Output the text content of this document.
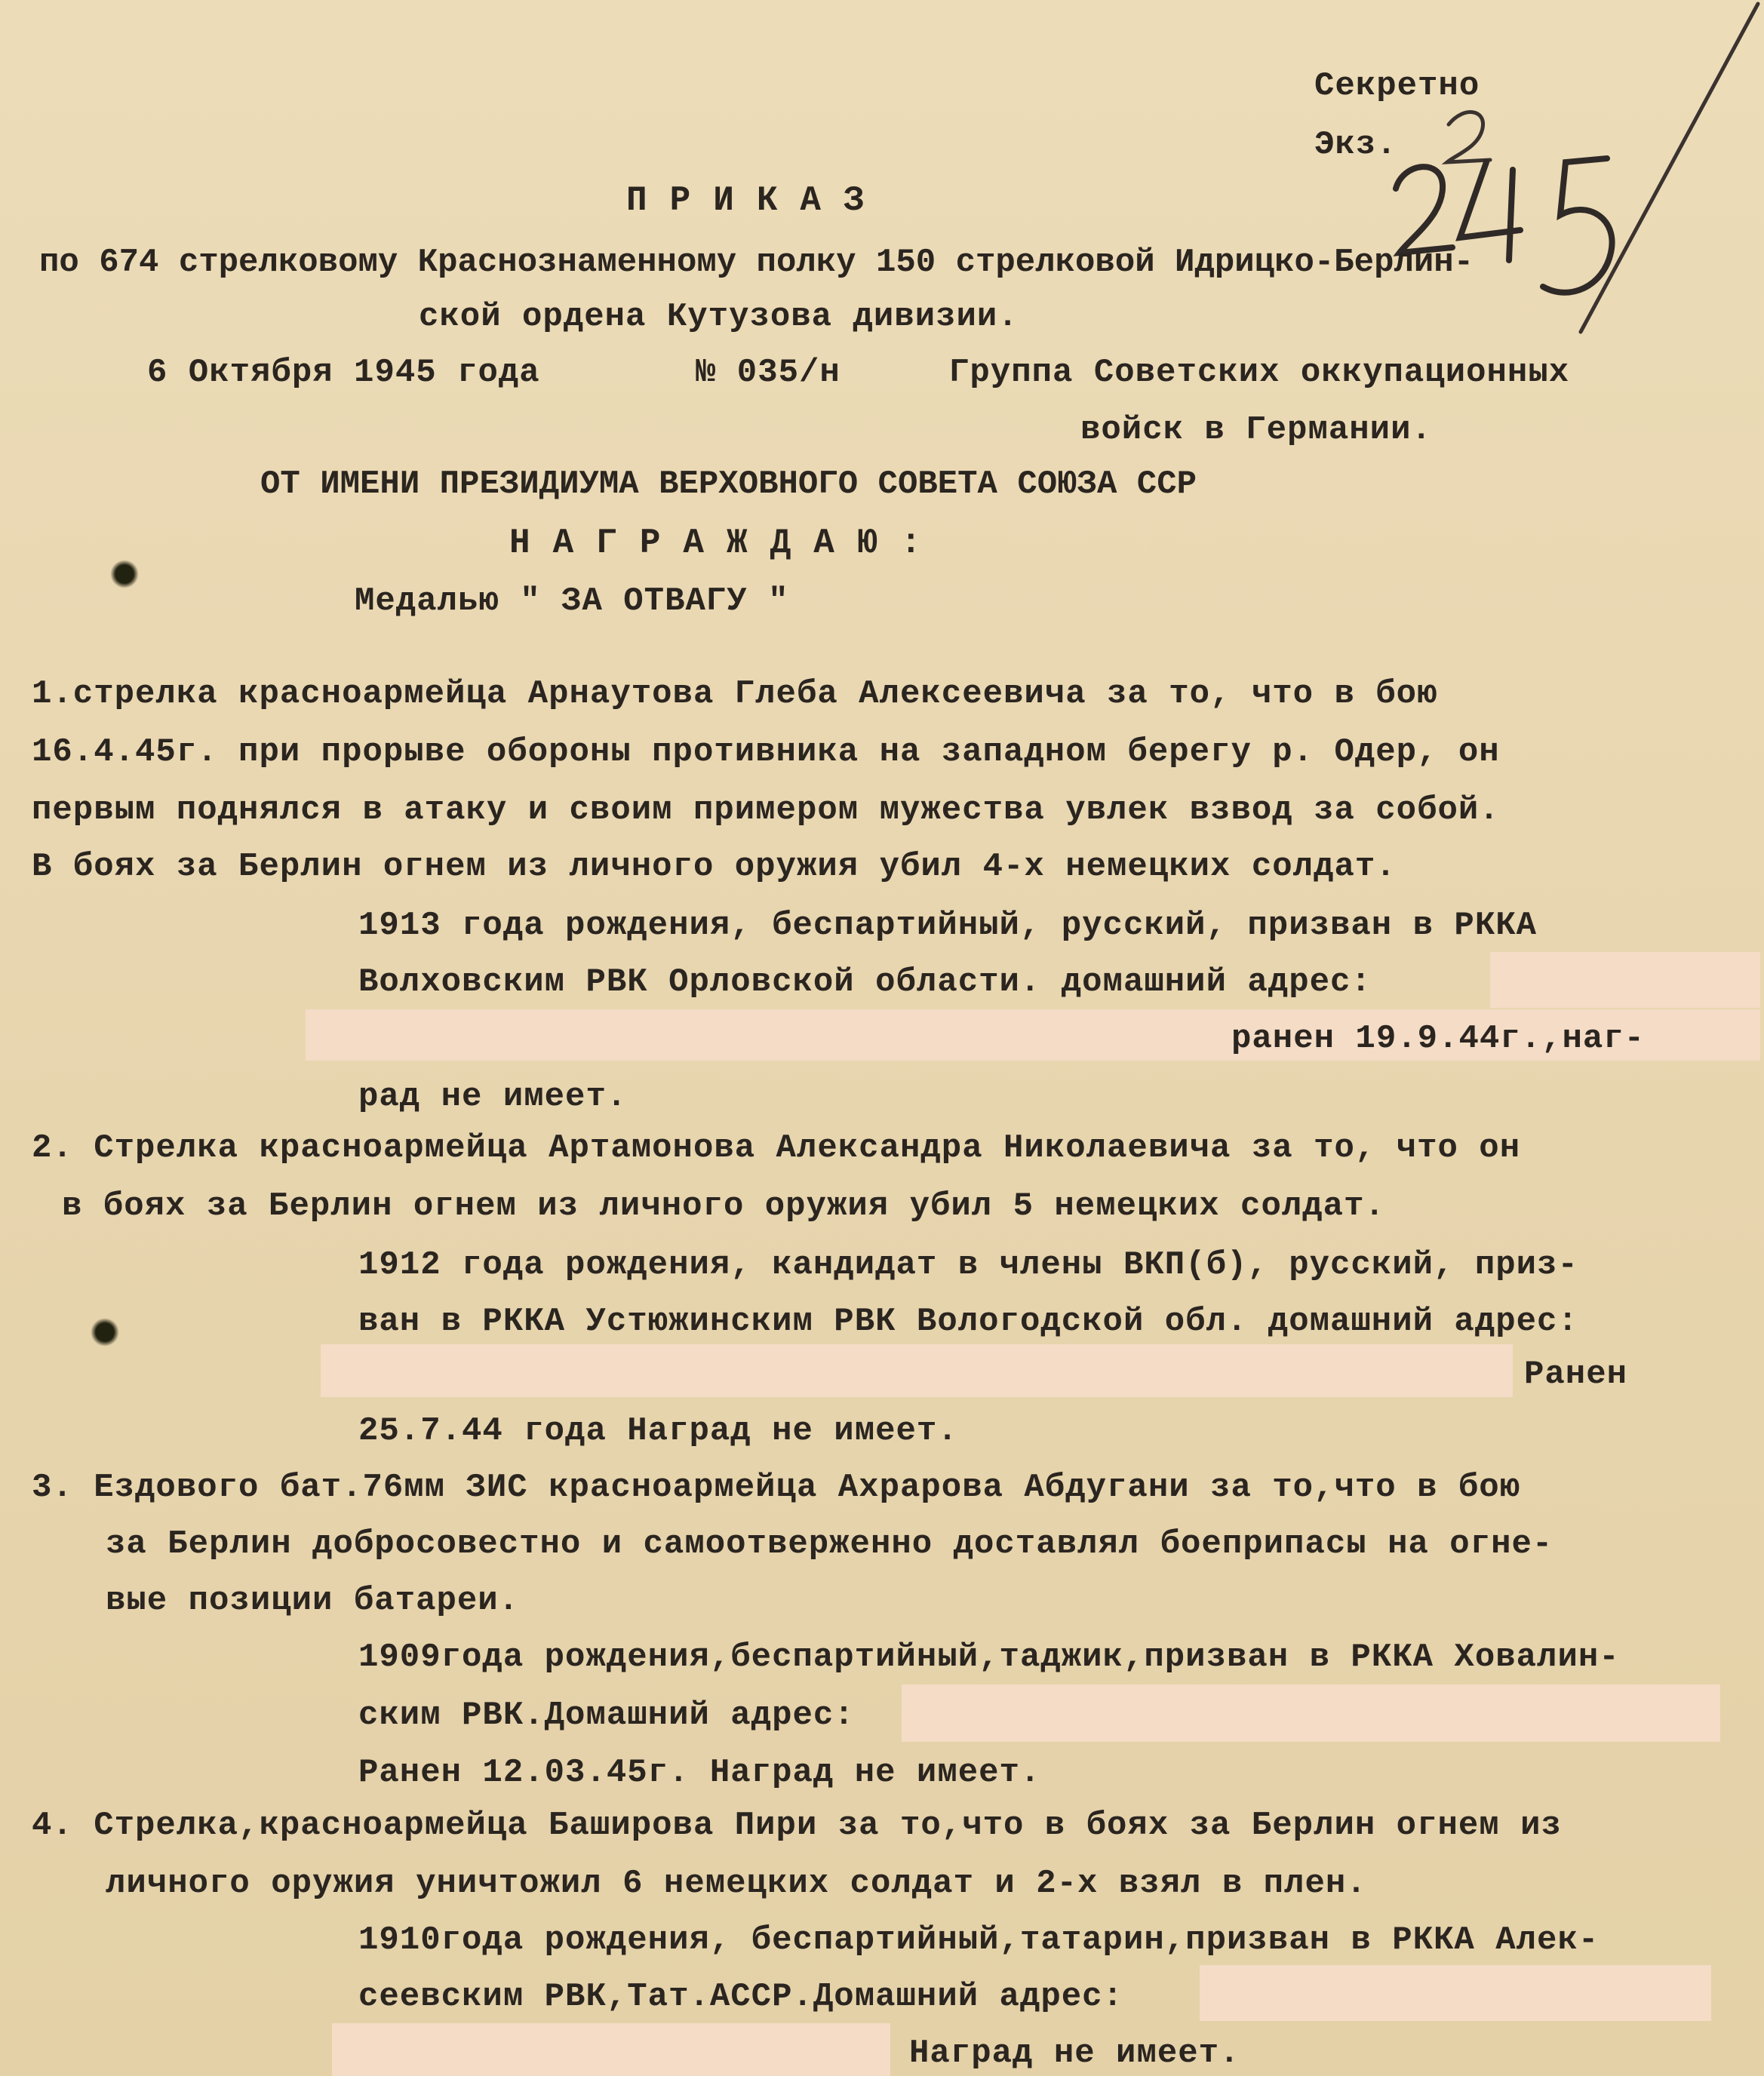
Секретно

Экз.

ПРИКАЗ

по 674 стрелковому Краснознаменному полку 150 стрелковой Идрицко-Берлин-

ской ордена Кутузова дивизии.

6 Октября 1945 года	№ 035/н	Группа Советских оккупационных

войск в Германии.

ОТ ИМЕНИ ПРЕЗИДИУМА ВЕРХОВНОГО СОВЕТА СОЮЗА ССР

НАГРАЖДАЮ:

Медалью " ЗА ОТВАГУ "

1.стрелка красноармейца Арнаутова Глеба Алексеевича за то, что в бою

16.4.45г. при прорыве обороны противника на западном берегу р. Одер, он

первым поднялся в атаку и своим примером мужества увлек взвод за собой.

В боях за Берлин огнем из личного оружия убил 4-х немецких солдат.

1913 года рождения, беспартийный, русский, призван в РККА

Волховским РВК Орловской области. домашний адрес:

ранен 19.9.44г.,наг-

рад не имеет.

2. Стрелка красноармейца Артамонова Александра Николаевича за то, что он

в боях за Берлин огнем из личного оружия убил 5 немецких солдат.

1912 года рождения, кандидат в члены ВКП(б), русский, приз-

ван в РККА Устюжинским РВК Вологодской обл. домашний адрес:

Ранен

25.7.44 года Наград не имеет.

3. Ездового бат.76мм ЗИС красноармейца Ахрарова Абдугани за то,что в бою

за Берлин добросовестно и самоотверженно доставлял боеприпасы на огне-

вые позиции батареи.

1909года рождения,беспартийный,таджик,призван в РККА Ховалин-

ским РВК.Домашний адрес:

Ранен 12.03.45г. Наград не имеет.

4. Стрелка,красноармейца Баширова Пири за то,что в боях за Берлин огнем из

личного оружия уничтожил 6 немецких солдат и 2-х взял в плен.

1910года рождения, беспартийный,татарин,призван в РККА Алек-

сеевским РВК,Тат.АССР.Домашний адрес:

Наград не имеет.
